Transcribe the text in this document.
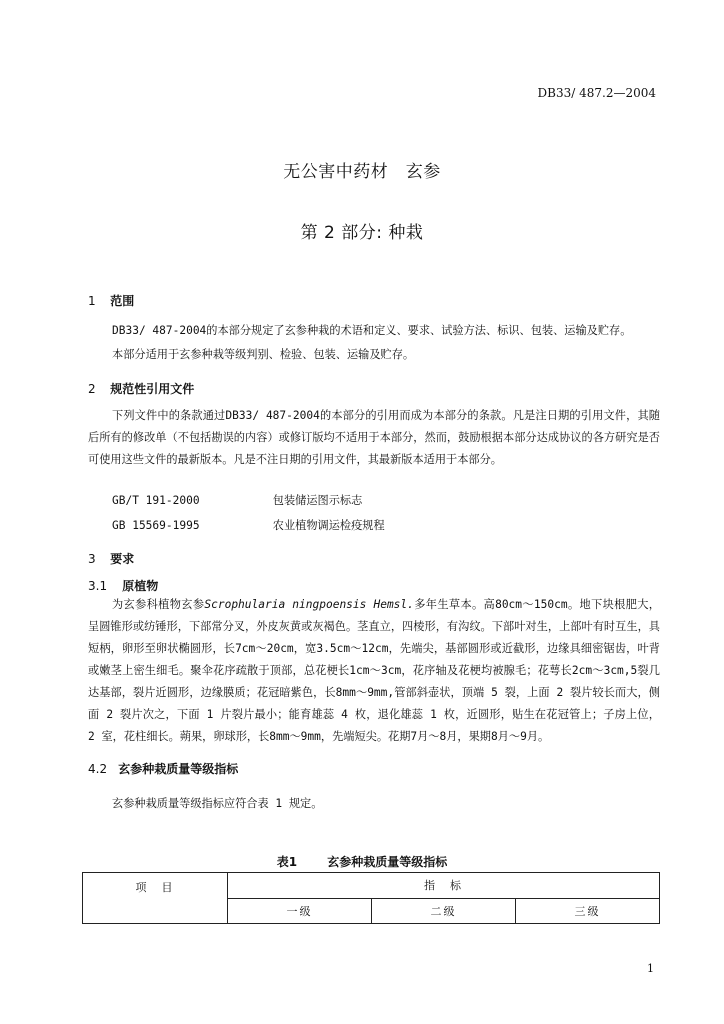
DB33/ 487.2—2004
无公害中药材　玄参
第 2 部分: 种栽
1 范围
DB33/ 487-2004的本部分规定了玄参种栽的术语和定义、要求、试验方法、标识、包装、运输及贮存。
本部分适用于玄参种栽等级判别、检验、包装、运输及贮存。
2 规范性引用文件
下列文件中的条款通过DB33/ 487-2004的本部分的引用而成为本部分的条款。凡是注日期的引用文件，其随后所有的修改单（不包括勘误的内容）或修订版均不适用于本部分，然而，鼓励根据本部分达成协议的各方研究是否可使用这些文件的最新版本。凡是不注日期的引用文件，其最新版本适用于本部分。
GB/T 191-2000	包装储运图示标志
GB 15569-1995	农业植物调运检疫规程
3 要求
3.1 原植物
为玄参科植物玄参Scrophularia ningpoensis Hemsl.多年生草本。高80cm～150cm。地下块根肥大，呈圆锥形或纺锤形，下部常分叉，外皮灰黄或灰褐色。茎直立，四棱形，有沟纹。下部叶对生，上部叶有时互生，具短柄，卵形至卵状椭圆形，长7cm～20cm，宽3.5cm～12cm，先端尖，基部圆形或近截形，边缘具细密锯齿，叶背或嫩茎上密生细毛。聚伞花序疏散于顶部，总花梗长1cm～3cm，花序轴及花梗均被腺毛；花萼长2cm～3cm,5裂几达基部，裂片近圆形，边缘膜质；花冠暗紫色，长8mm～9mm,管部斜壶状，顶端 5 裂，上面 2 裂片较长而大，侧面 2 裂片次之，下面 1 片裂片最小；能育雄蕊 4 枚，退化雄蕊 1 枚，近圆形，贴生在花冠管上；子房上位， 2 室，花柱细长。蒴果，卵球形，长8mm～9mm，先端短尖。花期7月～8月，果期8月～9月。
4.2 玄参种栽质量等级指标
玄参种栽质量等级指标应符合表 1 规定。
表1	玄参种栽质量等级指标
项　目	指　标		
	一级	二级	三级
1
